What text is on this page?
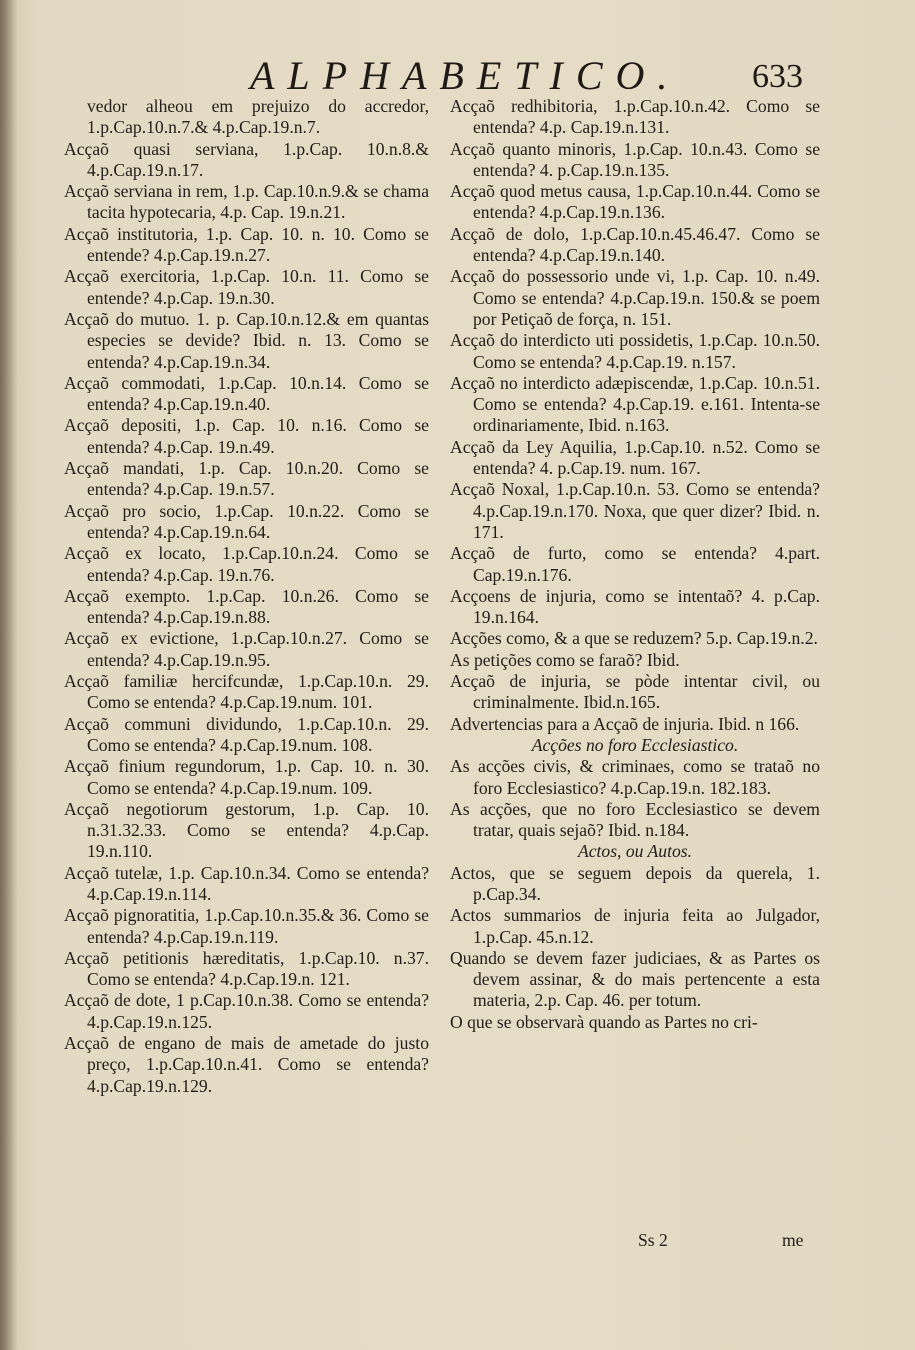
ALPHABETICO. 633

vedor alheou em prejuizo do accredor, 1.p.Cap.10.n.7.& 4.p.Cap.19.n.7.

Acçaõ quasi serviana, 1.p.Cap. 10.n.8.& 4.p.Cap.19.n.17.

Acçaõ serviana in rem, 1.p. Cap.10.n.9.& se chama tacita hypotecaria, 4.p. Cap. 19.n.21.

Acçaõ institutoria, 1.p. Cap. 10. n. 10. Como se entende? 4.p.Cap.19.n.27.

Acçaõ exercitoria, 1.p.Cap. 10.n. 11. Como se entende? 4.p.Cap. 19.n.30.

Acçaõ do mutuo. 1. p. Cap.10.n.12.& em quantas especies se devide? Ibid. n. 13. Como se entenda? 4.p.Cap.19.n.34.

Acçaõ commodati, 1.p.Cap. 10.n.14. Como se entenda? 4.p.Cap.19.n.40.

Acçaõ depositi, 1.p. Cap. 10. n.16. Como se entenda? 4.p.Cap. 19.n.49.

Acçaõ mandati, 1.p. Cap. 10.n.20. Como se entenda? 4.p.Cap. 19.n.57.

Acçaõ pro socio, 1.p.Cap. 10.n.22. Como se entenda? 4.p.Cap.19.n.64.

Acçaõ ex locato, 1.p.Cap.10.n.24. Como se entenda? 4.p.Cap. 19.n.76.

Acçaõ exempto. 1.p.Cap. 10.n.26. Como se entenda? 4.p.Cap.19.n.88.

Acçaõ ex evictione, 1.p.Cap.10.n.27. Como se entenda? 4.p.Cap.19.n.95.

Acçaõ familiæ hercifcundæ, 1.p.Cap.10.n. 29. Como se entenda? 4.p.Cap.19.num. 101.

Acçaõ communi dividundo, 1.p.Cap.10.n. 29. Como se entenda? 4.p.Cap.19.num. 108.

Acçaõ finium regundorum, 1.p. Cap. 10. n. 30. Como se entenda? 4.p.Cap.19.num. 109.

Acçaõ negotiorum gestorum, 1.p. Cap. 10. n.31.32.33. Como se entenda? 4.p.Cap. 19.n.110.

Acçaõ tutelæ, 1.p. Cap.10.n.34. Como se entenda? 4.p.Cap.19.n.114.

Acçaõ pignoratitia, 1.p.Cap.10.n.35.& 36. Como se entenda? 4.p.Cap.19.n.119.

Acçaõ petitionis hæreditatis, 1.p.Cap.10. n.37. Como se entenda? 4.p.Cap.19.n. 121.

Acçaõ de dote, 1 p.Cap.10.n.38. Como se entenda? 4.p.Cap.19.n.125.

Acçaõ de engano de mais de ametade do justo preço, 1.p.Cap.10.n.41. Como se entenda? 4.p.Cap.19.n.129.

Acçaõ redhibitoria, 1.p.Cap.10.n.42. Como se entenda? 4.p. Cap.19.n.131.

Acçaõ quanto minoris, 1.p.Cap. 10.n.43. Como se entenda? 4. p.Cap.19.n.135.

Acçaõ quod metus causa, 1.p.Cap.10.n.44. Como se entenda? 4.p.Cap.19.n.136.

Acçaõ de dolo, 1.p.Cap.10.n.45.46.47. Como se entenda? 4.p.Cap.19.n.140.

Acçaõ do possessorio unde vi, 1.p. Cap. 10. n.49. Como se entenda? 4.p.Cap.19.n. 150.& se poem por Petiçaõ de força, n. 151.

Acçaõ do interdicto uti possidetis, 1.p.Cap. 10.n.50. Como se entenda? 4.p.Cap.19. n.157.

Acçaõ no interdicto adæpiscendæ, 1.p.Cap. 10.n.51. Como se entenda? 4.p.Cap.19. e.161. Intenta-se ordinariamente, Ibid. n.163.

Acçaõ da Ley Aquilia, 1.p.Cap.10. n.52. Como se entenda? 4. p.Cap.19. num. 167.

Acçaõ Noxal, 1.p.Cap.10.n. 53. Como se entenda? 4.p.Cap.19.n.170. Noxa, que quer dizer? Ibid. n. 171.

Acçaõ de furto, como se entenda? 4.part. Cap.19.n.176.

Acçoens de injuria, como se intentaõ? 4. p.Cap. 19.n.164.

Acções como, & a que se reduzem? 5.p. Cap.19.n.2.

As petições como se faraõ? Ibid.

Acçaõ de injuria, se pòde intentar civil, ou criminalmente. Ibid.n.165.

Advertencias para a Acçaõ de injuria. Ibid. n 166.

Acções no foro Ecclesiastico.

As acções civis, & criminaes, como se trataõ no foro Ecclesiastico? 4.p.Cap.19.n. 182.183.

As acções, que no foro Ecclesiastico se devem tratar, quais sejaõ? Ibid. n.184.

Actos, ou Autos.

Actos, que se seguem depois da querela, 1. p.Cap.34.

Actos summarios de injuria feita ao Julgador, 1.p.Cap. 45.n.12.

Quando se devem fazer judiciaes, & as Partes os devem assinar, & do mais pertencente a esta materia, 2.p. Cap. 46. per totum.

O que se observarà quando as Partes no cri-

Ss 2	me
